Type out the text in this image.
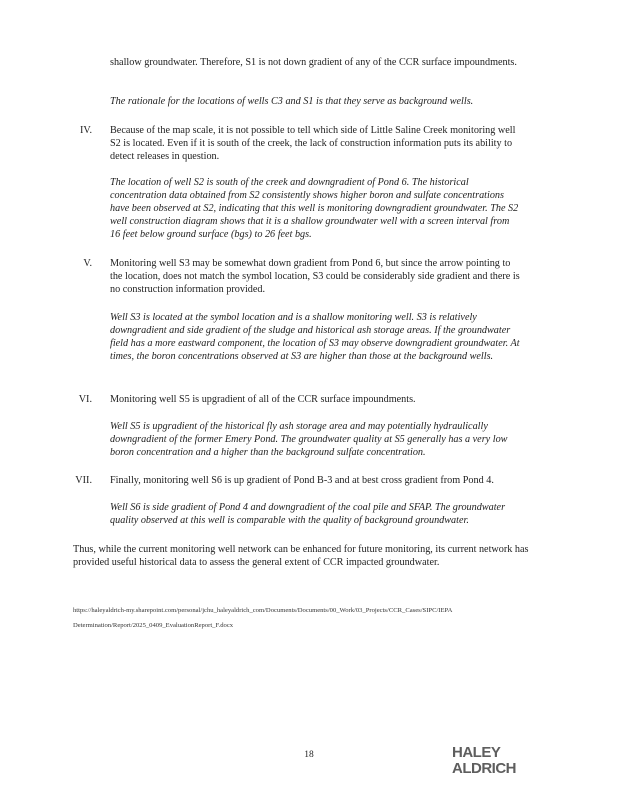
shallow groundwater. Therefore, S1 is not down gradient of any of the CCR surface impoundments.
The rationale for the locations of wells C3 and S1 is that they serve as background wells.
IV. Because of the map scale, it is not possible to tell which side of Little Saline Creek monitoring well S2 is located. Even if it is south of the creek, the lack of construction information puts its ability to detect releases in question.
The location of well S2 is south of the creek and downgradient of Pond 6. The historical concentration data obtained from S2 consistently shows higher boron and sulfate concentrations have been observed at S2, indicating that this well is monitoring downgradient groundwater. The S2 well construction diagram shows that it is a shallow groundwater well with a screen interval from 16 feet below ground surface (bgs) to 26 feet bgs.
V. Monitoring well S3 may be somewhat down gradient from Pond 6, but since the arrow pointing to the location, does not match the symbol location, S3 could be considerably side gradient and there is no construction information provided.
Well S3 is located at the symbol location and is a shallow monitoring well. S3 is relatively downgradient and side gradient of the sludge and historical ash storage areas. If the groundwater field has a more eastward component, the location of S3 may observe downgradient groundwater. At times, the boron concentrations observed at S3 are higher than those at the background wells.
VI. Monitoring well S5 is upgradient of all of the CCR surface impoundments.
Well S5 is upgradient of the historical fly ash storage area and may potentially hydraulically downgradient of the former Emery Pond. The groundwater quality at S5 generally has a very low boron concentration and a higher than the background sulfate concentration.
VII. Finally, monitoring well S6 is up gradient of Pond B-3 and at best cross gradient from Pond 4.
Well S6 is side gradient of Pond 4 and downgradient of the coal pile and SFAP. The groundwater quality observed at this well is comparable with the quality of background groundwater.
Thus, while the current monitoring well network can be enhanced for future monitoring, its current network has provided useful historical data to assess the general extent of CCR impacted groundwater.
https://haleyaldrich-my.sharepoint.com/personal/jchu_haleyaldrich_com/Documents/Documents/00_Work/03_Projects/CCR_Cases/SIPC/IEPA Determination/Report/2025_0409_EvaluationReport_F.docx
18	HALEY
ALDRICH
